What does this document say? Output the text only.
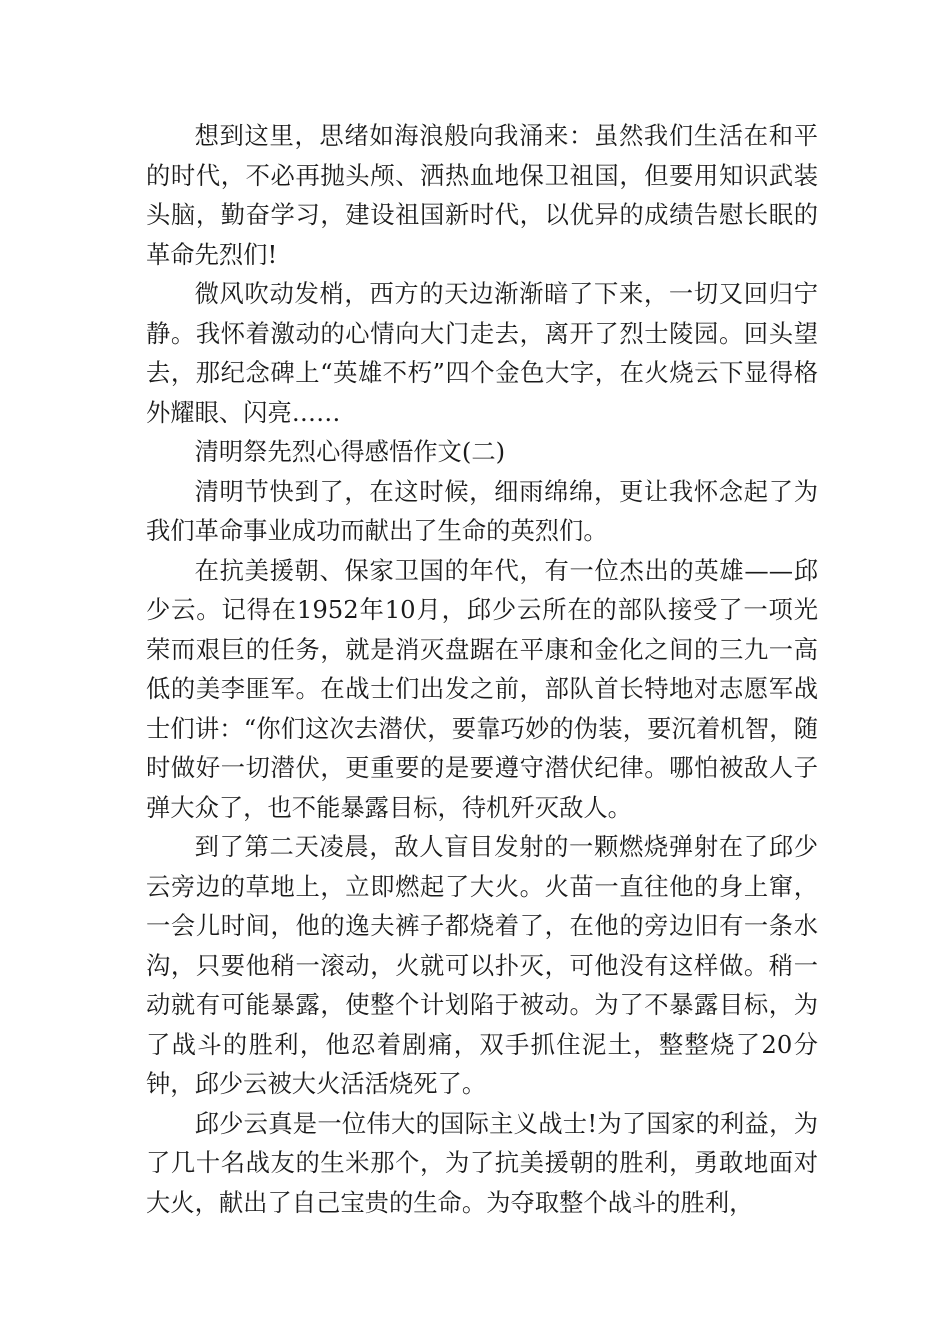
想到这里，思绪如海浪般向我涌来：虽然我们生活在和平的时代，不必再抛头颅、洒热血地保卫祖国，但要用知识武装头脑，勤奋学习，建设祖国新时代，以优异的成绩告慰长眠的革命先烈们!

微风吹动发梢，西方的天边渐渐暗了下来，一切又回归宁静。我怀着激动的心情向大门走去，离开了烈士陵园。回头望去，那纪念碑上“英雄不朽”四个金色大字，在火烧云下显得格外耀眼、闪亮……

清明祭先烈心得感悟作文(二)

清明节快到了，在这时候，细雨绵绵，更让我怀念起了为我们革命事业成功而献出了生命的英烈们。

在抗美援朝、保家卫国的年代，有一位杰出的英雄——邱少云。记得在1952年10月，邱少云所在的部队接受了一项光荣而艰巨的任务，就是消灭盘踞在平康和金化之间的三九一高低的美李匪军。在战士们出发之前，部队首长特地对志愿军战士们讲：“你们这次去潜伏，要靠巧妙的伪装，要沉着机智，随时做好一切潜伏，更重要的是要遵守潜伏纪律。哪怕被敌人子弹大众了，也不能暴露目标，待机歼灭敌人。

到了第二天凌晨，敌人盲目发射的一颗燃烧弹射在了邱少云旁边的草地上，立即燃起了大火。火苗一直往他的身上窜，一会儿时间，他的逸夫裤子都烧着了，在他的旁边旧有一条水沟，只要他稍一滚动，火就可以扑灭，可他没有这样做。稍一动就有可能暴露，使整个计划陷于被动。为了不暴露目标，为了战斗的胜利，他忍着剧痛，双手抓住泥土，整整烧了20分钟，邱少云被大火活活烧死了。

邱少云真是一位伟大的国际主义战士!为了国家的利益，为了几十名战友的生米那个，为了抗美援朝的胜利，勇敢地面对大火，献出了自己宝贵的生命。为夺取整个战斗的胜利，
